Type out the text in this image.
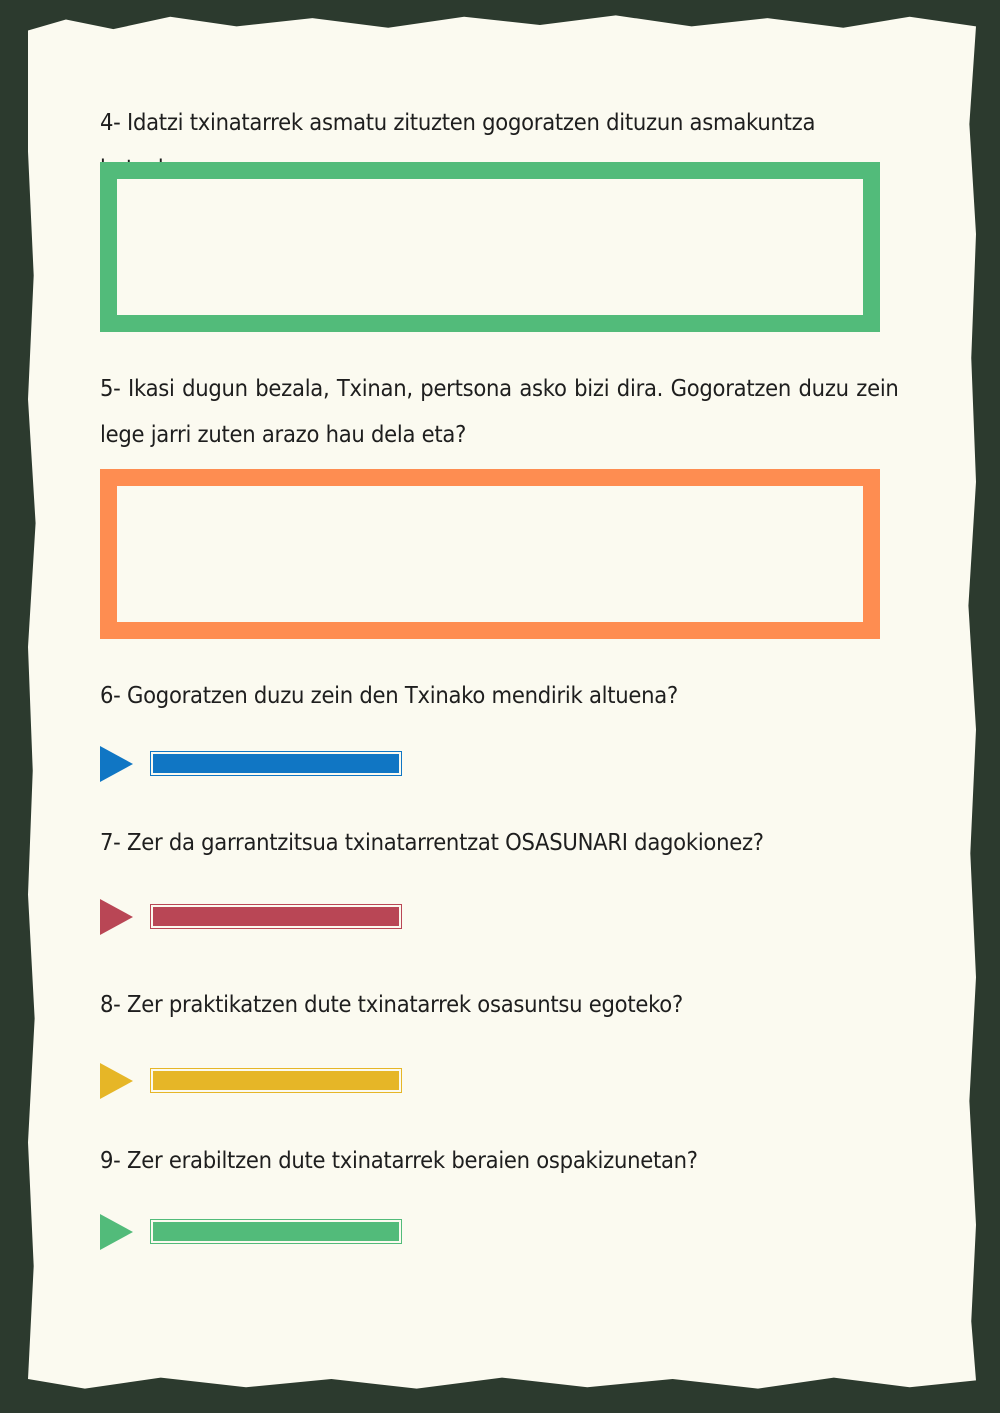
4- Idatzi txinatarrek asmatu zituzten gogoratzen dituzun asmakuntza batzuk:
5- Ikasi dugun bezala, Txinan, pertsona asko bizi dira. Gogoratzen duzu zein lege jarri zuten arazo hau dela eta?
6- Gogoratzen duzu zein den Txinako mendirik altuena?
7- Zer da garrantzitsua txinatarrentzat OSASUNARI dagokionez?
8- Zer praktikatzen dute txinatarrek osasuntsu egoteko?
9- Zer erabiltzen dute txinatarrek beraien ospakizunetan?
